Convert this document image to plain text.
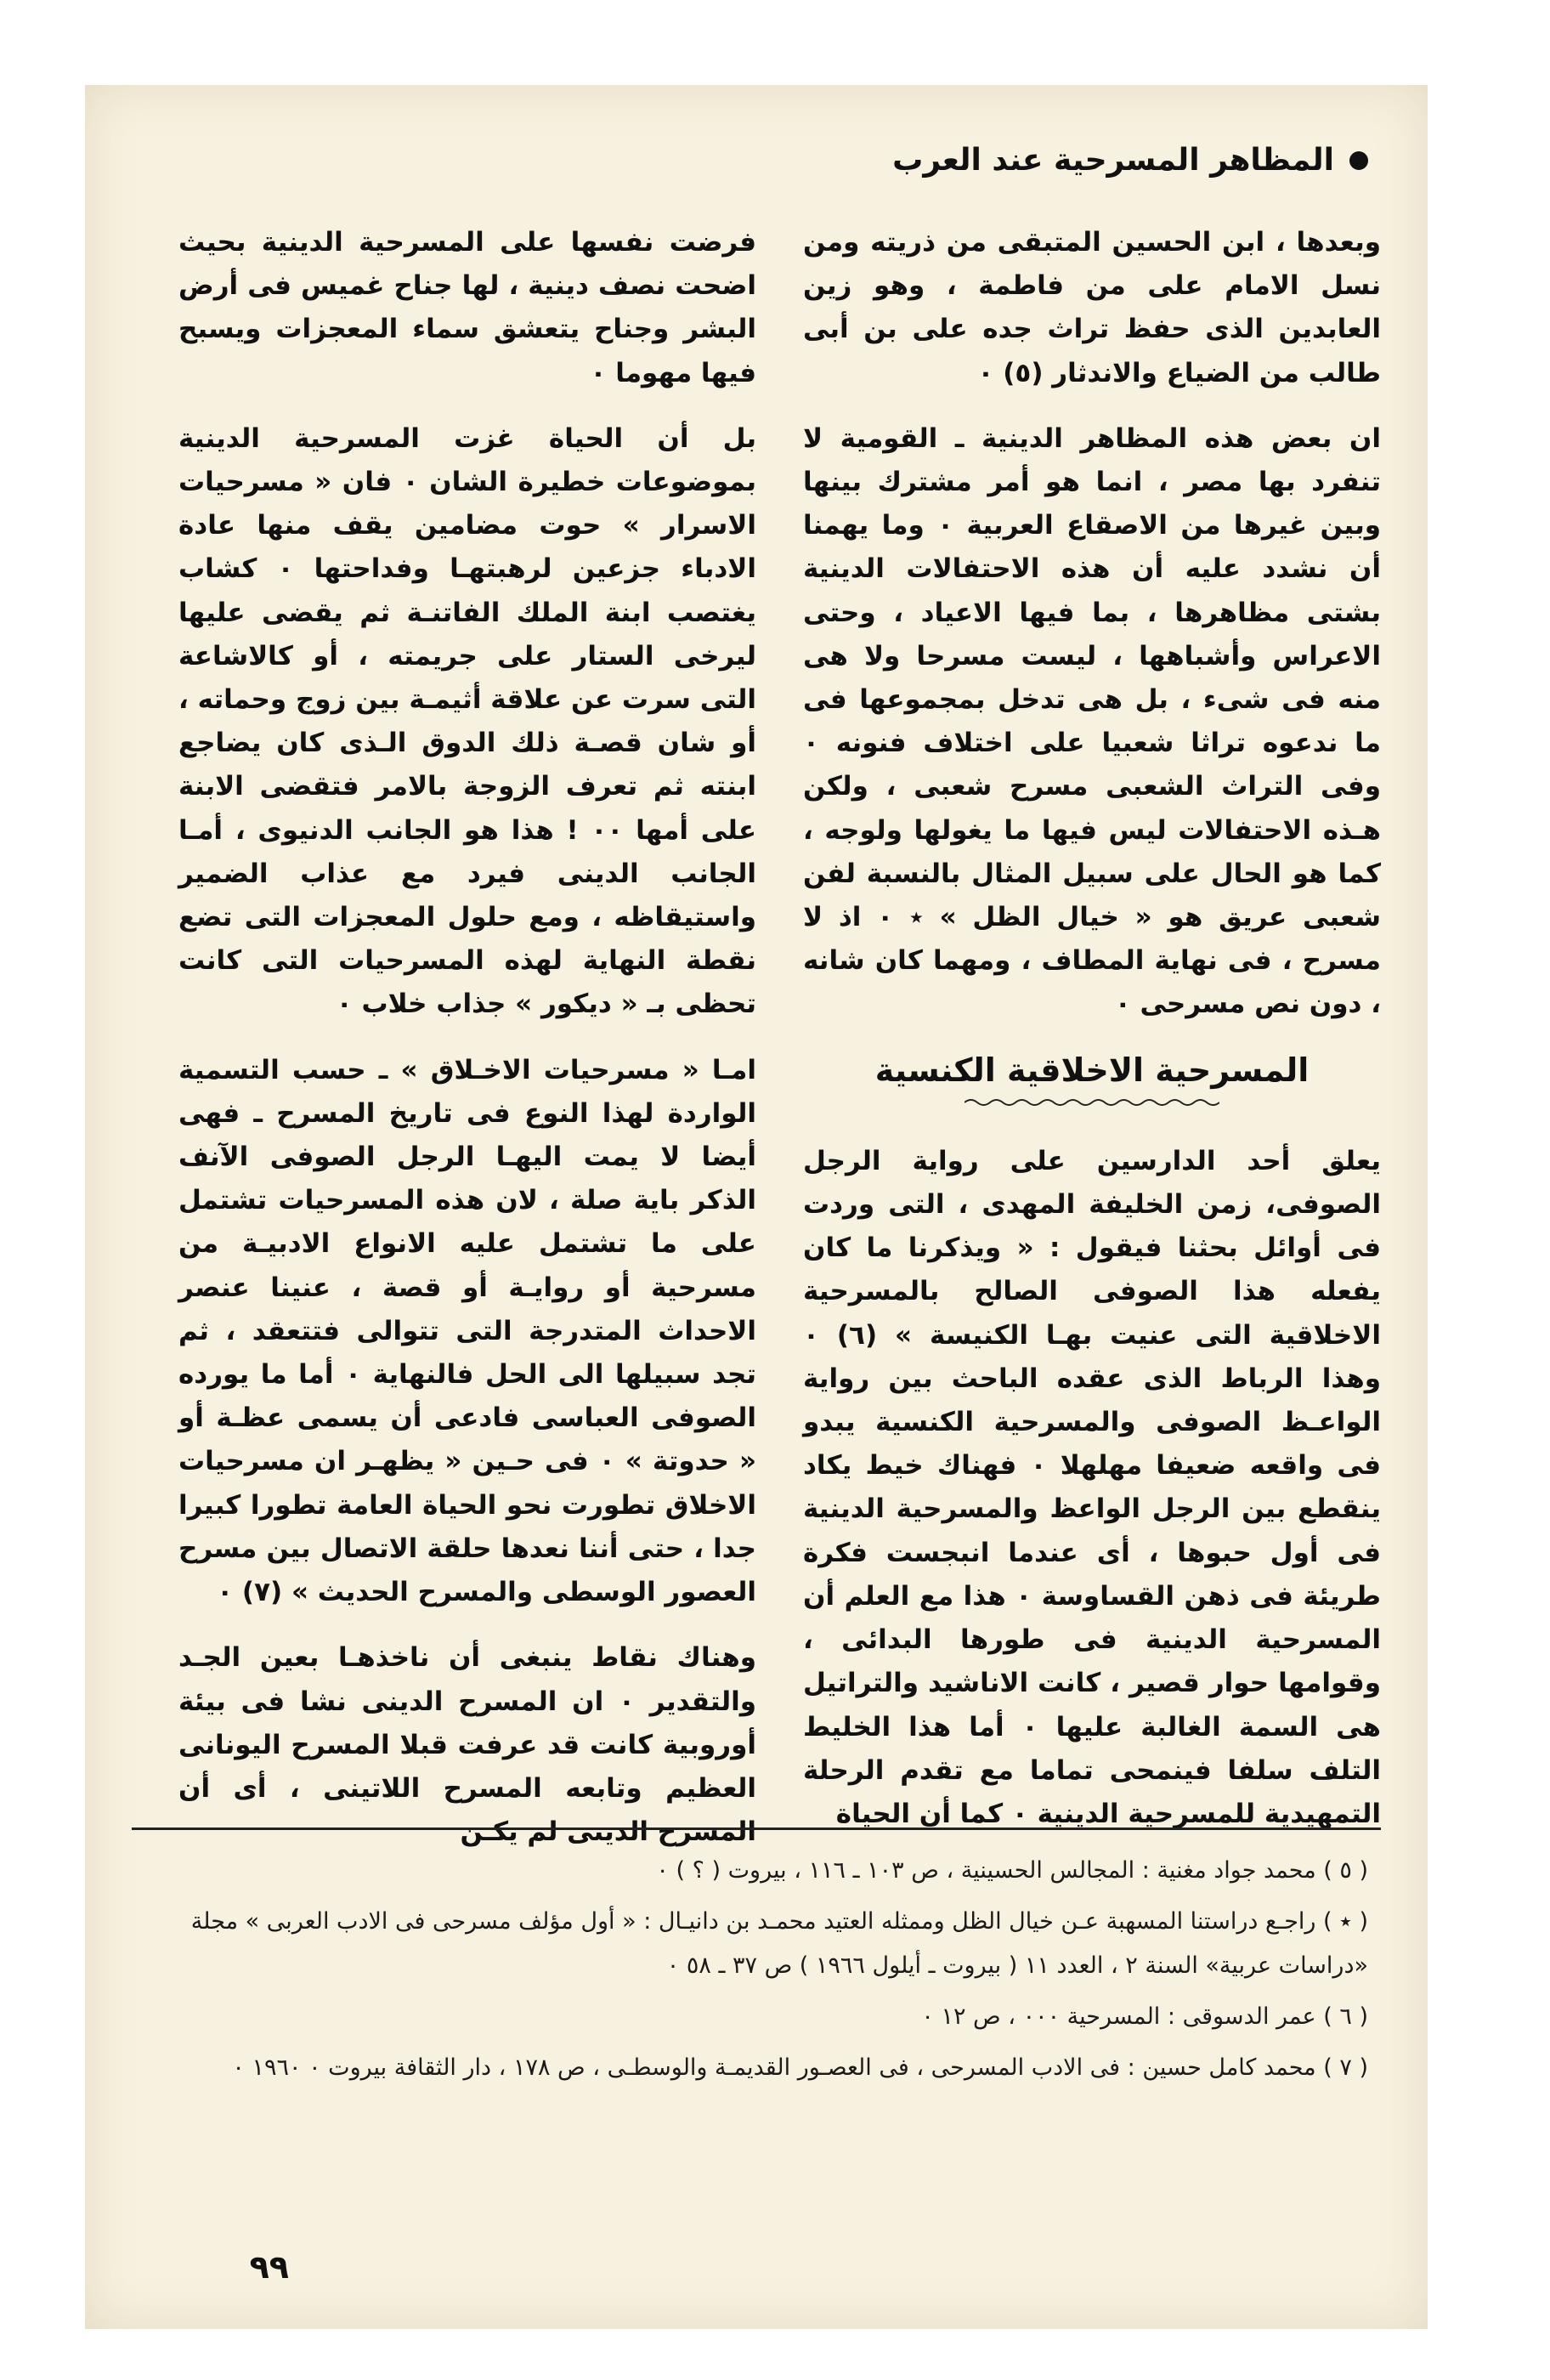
المظاهر المسرحية عند العرب

وبعدها ، ابن الحسين المتبقى من ذريته ومن نسل الامام على من فاطمة ، وهو زين العابدين الذى حفظ تراث جده على بن أبى طالب من الضياع والاندثار (٥) ٠

ان بعض هذه المظاهر الدينية ـ القومية لا تنفرد بها مصر ، انما هو أمر مشترك بينها وبين غيرها من الاصقاع العربية ٠ وما يهمنا أن نشدد عليه أن هذه الاحتفالات الدينية بشتى مظاهرها ، بما فيها الاعياد ، وحتى الاعراس وأشباهها ، ليست مسرحا ولا هى منه فى شىء ، بل هى تدخل بمجموعها فى ما ندعوه تراثا شعبيا على اختلاف فنونه ٠ وفى التراث الشعبى مسرح شعبى ، ولكن هـذه الاحتفالات ليس فيها ما يغولها ولوجه ، كما هو الحال على سبيل المثال بالنسبة لفن شعبى عريق هو « خيال الظل » ٭ ٠ اذ لا مسرح ، فى نهاية المطاف ، ومهما كان شانه ، دون نص مسرحى ٠

المسرحية الاخلاقية الكنسية

يعلق أحد الدارسين على رواية الرجل الصوفى، زمن الخليفة المهدى ، التى وردت فى أوائل بحثنا فيقول : « ويذكرنا ما كان يفعله هذا الصوفى الصالح بالمسرحية الاخلاقية التى عنيت بهـا الكنيسة » (٦) ٠ وهذا الرباط الذى عقده الباحث بين رواية الواعـظ الصوفى والمسرحية الكنسية يبدو فى واقعه ضعيفا مهلهلا ٠ فهناك خيط يكاد ينقطع بين الرجل الواعظ والمسرحية الدينية فى أول حبوها ، أى عندما انبجست فكرة طريئة فى ذهن القساوسة ٠ هذا مع العلم أن المسرحية الدينية فى طورها البدائى ، وقوامها حوار قصير ، كانت الاناشيد والتراتيل هى السمة الغالبة عليها ٠ أما هذا الخليط التلف سلفا فينمحى تماما مع تقدم الرحلة التمهيدية للمسرحية الدينية ٠ كما أن الحياة

فرضت نفسها على المسرحية الدينية بحيث اضحت نصف دينية ، لها جناح غميس فى أرض البشر وجناح يتعشق سماء المعجزات ويسبح فيها مهوما ٠

بل أن الحياة غزت المسرحية الدينية بموضوعات خطيرة الشان ٠ فان « مسرحيات الاسرار » حوت مضامين يقف منها عادة الادباء جزعين لرهبتهـا وفداحتها ٠ كشاب يغتصب ابنة الملك الفاتنـة ثم يقضى عليها ليرخى الستار على جريمته ، أو كالاشاعة التى سرت عن علاقة أثيمـة بين زوج وحماته ، أو شان قصـة ذلك الدوق الـذى كان يضاجع ابنته ثم تعرف الزوجة بالامر فتقضى الابنة على أمها ٠٠ ! هذا هو الجانب الدنيوى ، أمـا الجانب الدينى فيرد مع عذاب الضمير واستيقاظه ، ومع حلول المعجزات التى تضع نقطة النهاية لهذه المسرحيات التى كانت تحظى بـ « ديكور » جذاب خلاب ٠

امـا « مسرحيات الاخـلاق » ـ حسب التسمية الواردة لهذا النوع فى تاريخ المسرح ـ فهى أيضا لا يمت اليهـا الرجل الصوفى الآنف الذكر باية صلة ، لان هذه المسرحيات تشتمل على ما تشتمل عليه الانواع الادبيـة من مسرحية أو روايـة أو قصة ، عنينا عنصر الاحداث المتدرجة التى تتوالى فتتعقد ، ثم تجد سبيلها الى الحل فالنهاية ٠ أما ما يورده الصوفى العباسى فادعى أن يسمى عظـة أو « حدوتة » ٠ فى حـين « يظهـر ان مسرحيات الاخلاق تطورت نحو الحياة العامة تطورا كبيرا جدا ، حتى أننا نعدها حلقة الاتصال بين مسرح العصور الوسطى والمسرح الحديث » (٧) ٠

وهناك نقاط ينبغى أن ناخذهـا بعين الجـد والتقدير ٠ ان المسرح الدينى نشا فى بيئة أوروبية كانت قد عرفت قبلا المسرح اليونانى العظيم وتابعه المسرح اللاتينى ، أى أن المسرح الدينى لم يكـن

( ٥ ) محمد جواد مغنية : المجالس الحسينية ، ص ١٠٣ ـ ١١٦ ، بيروت ( ؟ ) ٠

( ٭ ) راجـع دراستنا المسهبة عـن خيال الظل وممثله العتيد محمـد بن دانيـال : « أول مؤلف مسرحى فى الادب العربى » مجلة «دراسات عربية» السنة ٢ ، العدد ١١ ( بيروت ـ أيلول ١٩٦٦ ) ص ٣٧ ـ ٥٨ ٠

( ٦ ) عمر الدسوقى : المسرحية ٠٠٠ ، ص ١٢ ٠

( ٧ ) محمد كامل حسين : فى الادب المسرحى ، فى العصـور القديمـة والوسطـى ، ص ١٧٨ ، دار الثقافة بيروت ٠ ١٩٦٠ ٠

٩٩
